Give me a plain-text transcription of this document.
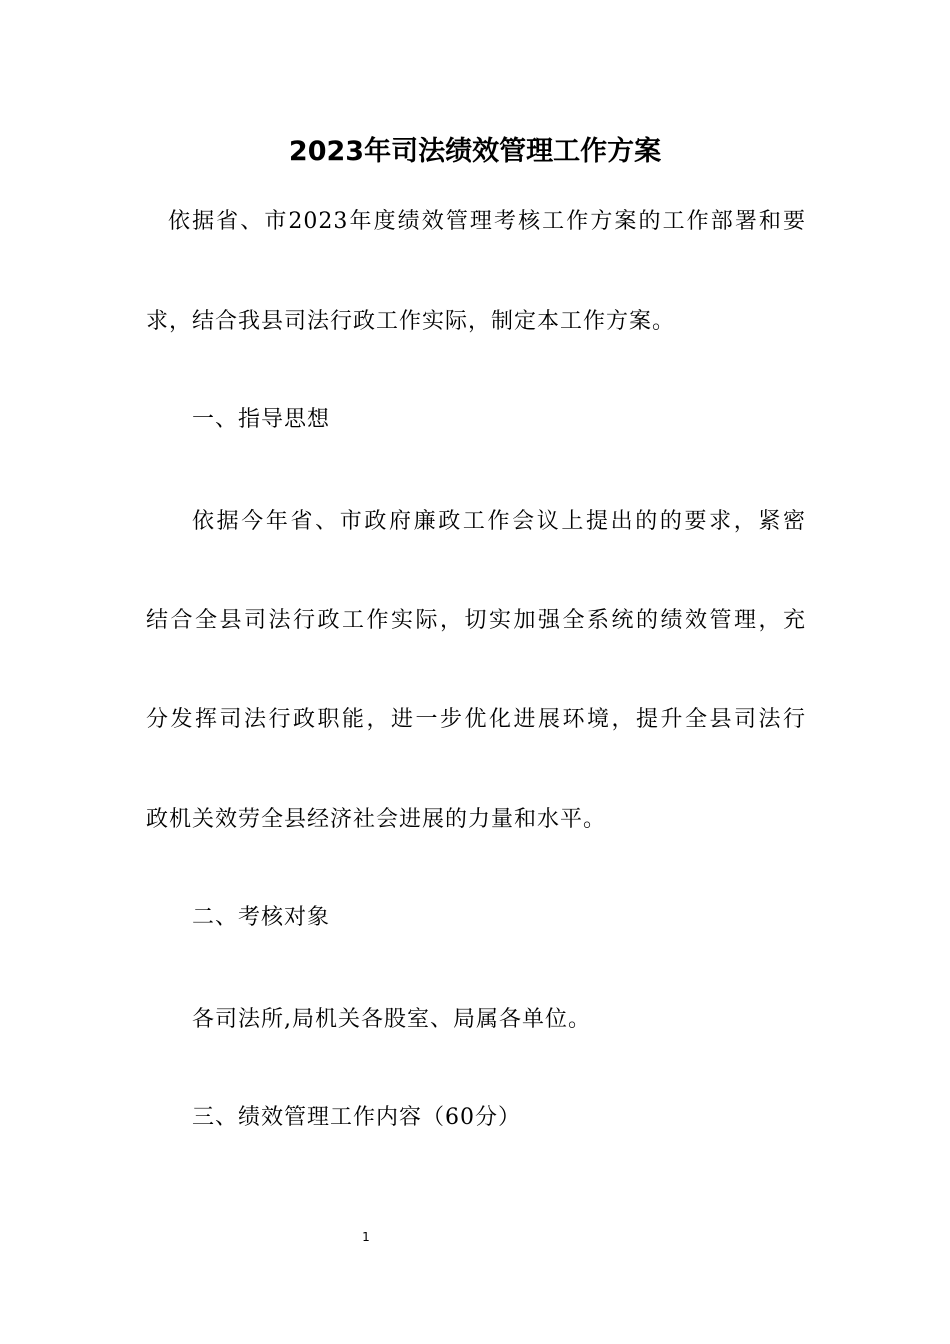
2023年司法绩效管理工作方案
依据省、市2023年度绩效管理考核工作方案的工作部署和要
求，结合我县司法行政工作实际，制定本工作方案。
一、指导思想
依据今年省、市政府廉政工作会议上提出的的要求，紧密
结合全县司法行政工作实际，切实加强全系统的绩效管理，充
分发挥司法行政职能，进一步优化进展环境，提升全县司法行
政机关效劳全县经济社会进展的力量和水平。
二、考核对象
各司法所,局机关各股室、局属各单位。
三、绩效管理工作内容（60分）
1
